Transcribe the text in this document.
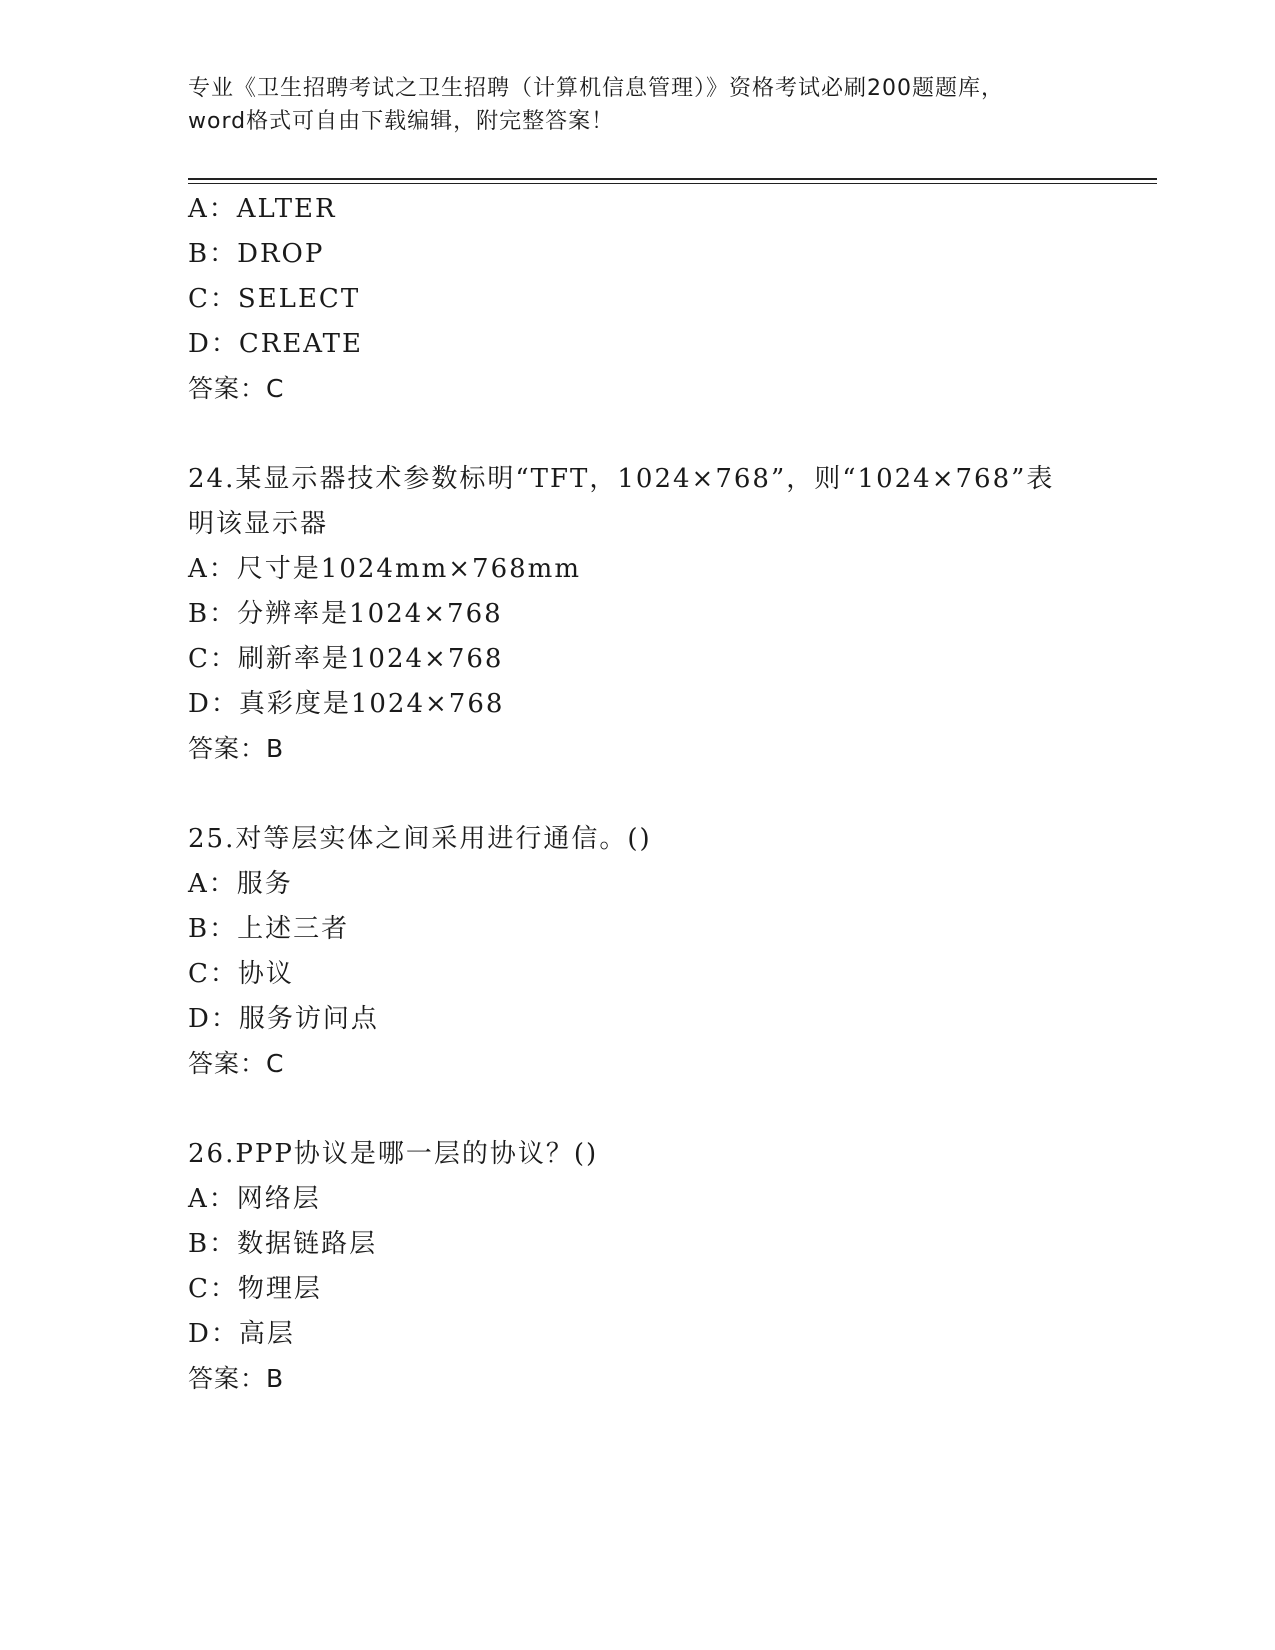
专业《卫生招聘考试之卫生招聘（计算机信息管理）》资格考试必刷200题题库，
word格式可自由下载编辑，附完整答案！
A：ALTER
B：DROP
C：SELECT
D：CREATE
答案：C
24.某显示器技术参数标明“TFT，1024×768”，则“1024×768”表
明该显示器
A：尺寸是1024mm×768mm
B：分辨率是1024×768
C：刷新率是1024×768
D：真彩度是1024×768
答案：B
25.对等层实体之间采用进行通信。()
A：服务
B：上述三者
C：协议
D：服务访问点
答案：C
26.PPP协议是哪一层的协议？()
A：网络层
B：数据链路层
C：物理层
D：高层
答案：B
